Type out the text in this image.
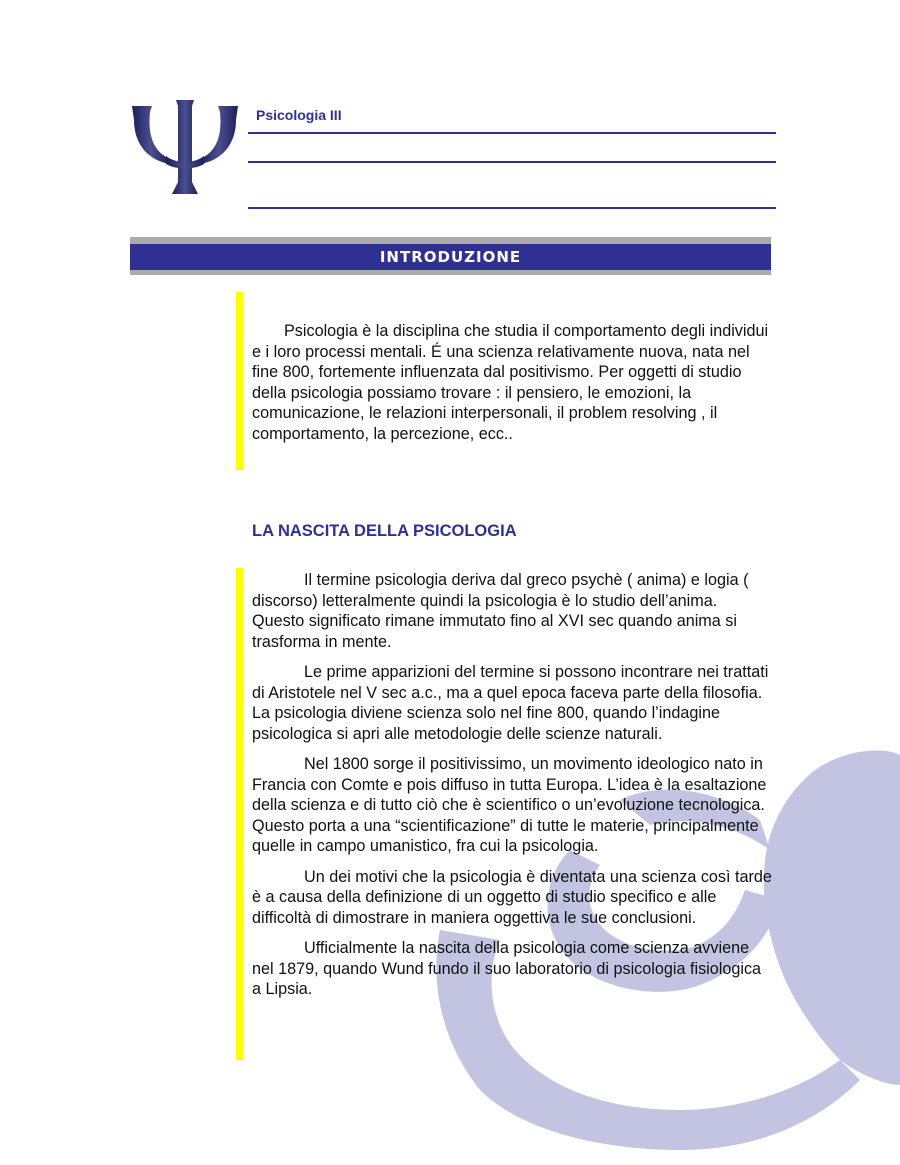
Psicologia III
INTRODUZIONE

Psicologia è la disciplina che studia il comportamento degli individui e i loro processi mentali. É una scienza relativamente nuova, nata nel fine 800, fortemente influenzata dal positivismo. Per oggetti di studio della psicologia possiamo trovare : il pensiero, le emozioni, la comunicazione, le relazioni interpersonali, il problem resolving , il comportamento, la percezione, ecc..

LA NASCITA DELLA PSICOLOGIA

Il termine psicologia deriva dal greco psychè ( anima) e logia ( discorso) letteralmente quindi la psicologia è lo studio dell’anima. Questo significato rimane immutato fino al XVI sec quando anima si trasforma in mente.

Le prime apparizioni del termine si possono incontrare nei trattati di Aristotele nel V sec a.c., ma a quel epoca faceva parte della filosofia. La psicologia diviene scienza solo nel fine 800, quando l’indagine psicologica si apri alle metodologie delle scienze naturali.

Nel 1800 sorge il positivissimo, un movimento ideologico nato in Francia con Comte e pois diffuso in tutta Europa. L’idea è la esaltazione della scienza e di tutto ciò che è scientifico o un’evoluzione tecnologica. Questo porta a una “scientificazione” di tutte le materie, principalmente quelle in campo umanistico, fra cui la psicologia.

Un dei motivi che la psicologia è diventata una scienza così tarde è a causa della definizione di un oggetto di studio specifico e alle difficoltà di dimostrare in maniera oggettiva le sue conclusioni.

Ufficialmente la nascita della psicologia come scienza avviene nel 1879, quando Wund fundo il suo laboratorio di psicologia fisiologica a Lipsia.
